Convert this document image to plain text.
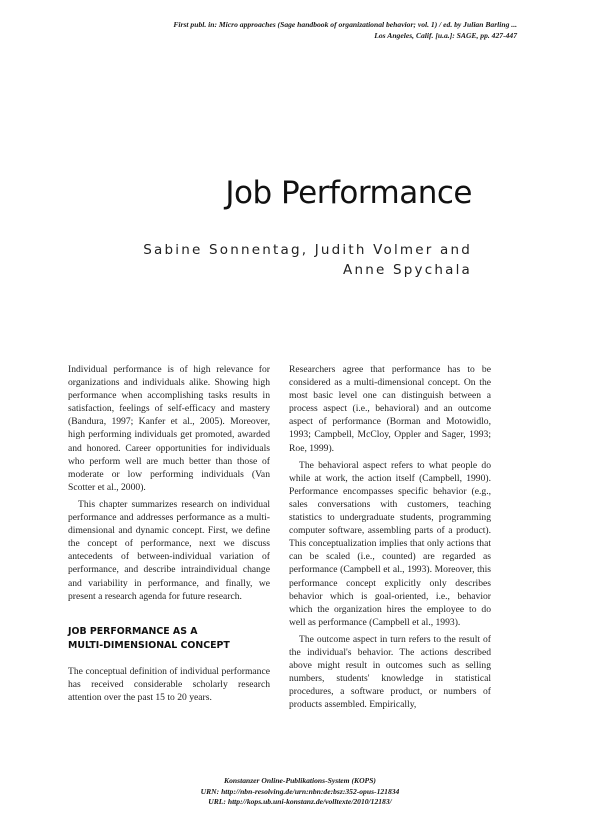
First publ. in: Micro approaches (Sage handbook of organizational behavior; vol. 1) / ed. by Julian Barling ...
Los Angeles, Calif. [u.a.]: SAGE, pp. 427-447
Job Performance
Sabine Sonnentag, Judith Volmer and
Anne Spychala

Individual performance is of high relevance for organizations and individuals alike. Showing high performance when accomplishing tasks results in satisfaction, feelings of self-efficacy and mastery (Bandura, 1997; Kanfer et al., 2005). Moreover, high performing individuals get promoted, awarded and honored. Career opportunities for individuals who perform well are much better than those of moderate or low performing individuals (Van Scotter et al., 2000).

This chapter summarizes research on individual performance and addresses performance as a multi-dimensional and dynamic concept. First, we define the concept of performance, next we discuss antecedents of between-individual variation of performance, and describe intraindividual change and variability in performance, and finally, we present a research agenda for future research.

JOB PERFORMANCE AS A
MULTI-DIMENSIONAL CONCEPT

The conceptual definition of individual performance has received considerable scholarly research attention over the past 15 to 20 years.

Researchers agree that performance has to be considered as a multi-dimensional concept. On the most basic level one can distinguish between a process aspect (i.e., behavioral) and an outcome aspect of performance (Borman and Motowidlo, 1993; Campbell, McCloy, Oppler and Sager, 1993; Roe, 1999).

The behavioral aspect refers to what people do while at work, the action itself (Campbell, 1990). Performance encompasses specific behavior (e.g., sales conversations with customers, teaching statistics to undergraduate students, programming computer software, assembling parts of a product). This conceptualization implies that only actions that can be scaled (i.e., counted) are regarded as performance (Campbell et al., 1993). Moreover, this performance concept explicitly only describes behavior which is goal-oriented, i.e., behavior which the organization hires the employee to do well as performance (Campbell et al., 1993).

The outcome aspect in turn refers to the result of the individual's behavior. The actions described above might result in outcomes such as selling numbers, students' knowledge in statistical procedures, a software product, or numbers of products assembled. Empirically,

Konstanzer Online-Publikations-System (KOPS)
URN: http://nbn-resolving.de/urn:nbn:de:bsz:352-opus-121834
URL: http://kops.ub.uni-konstanz.de/volltexte/2010/12183/
